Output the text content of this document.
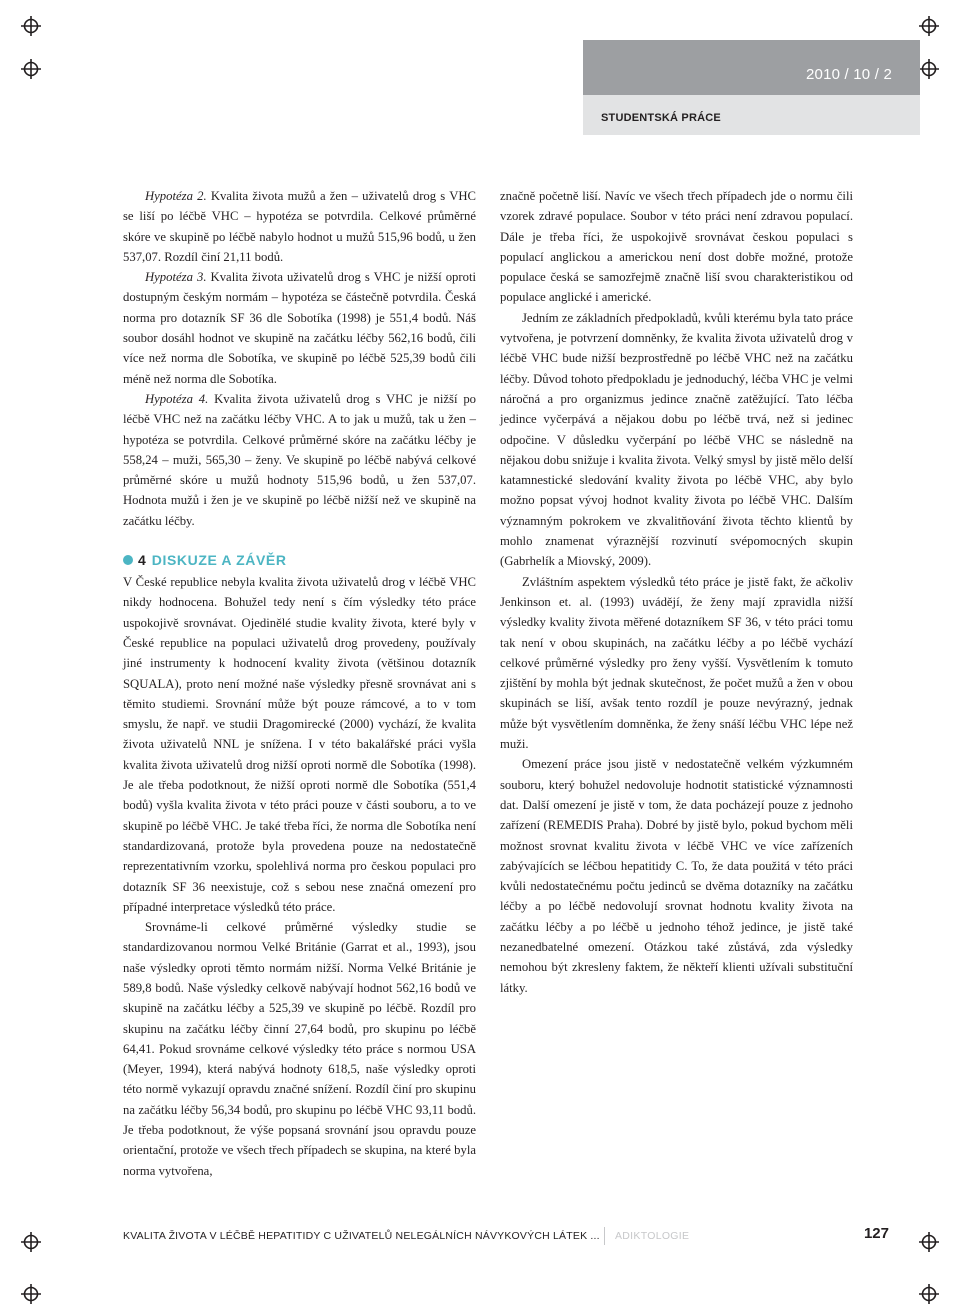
2010 / 10 / 2
STUDENTSKÁ PRÁCE

Hypotéza 2. Kvalita života mužů a žen – uživatelů drog s VHC se liší po léčbě VHC – hypotéza se potvrdila. Celkové průměrné skóre ve skupině po léčbě nabylo hodnot u mužů 515,96 bodů, u žen 537,07. Rozdíl činí 21,11 bodů.

Hypotéza 3. Kvalita života uživatelů drog s VHC je nižší oproti dostupným českým normám – hypotéza se částečně potvrdila. Česká norma pro dotazník SF 36 dle Sobotíka (1998) je 551,4 bodů. Náš soubor dosáhl hodnot ve skupině na začátku léčby 562,16 bodů, čili více než norma dle Sobotíka, ve skupině po léčbě 525,39 bodů čili méně než norma dle Sobotíka.

Hypotéza 4. Kvalita života uživatelů drog s VHC je nižší po léčbě VHC než na začátku léčby VHC. A to jak u mužů, tak u žen – hypotéza se potvrdila. Celkové průměrné skóre na začátku léčby je 558,24 – muži, 565,30 – ženy. Ve skupině po léčbě nabývá celkové průměrné skóre u mužů hodnoty 515,96 bodů, u žen 537,07. Hodnota mužů i žen je ve skupině po léčbě nižší než ve skupině na začátku léčby.

4 DISKUZE A ZÁVĚR

V České republice nebyla kvalita života uživatelů drog v léčbě VHC nikdy hodnocena. Bohužel tedy není s čím výsledky této práce uspokojivě srovnávat. Ojedinělé studie kvality života, které byly v České republice na populaci uživatelů drog provedeny, používaly jiné instrumenty k hodnocení kvality života (většinou dotazník SQUALA), proto není možné naše výsledky přesně srovnávat ani s těmito studiemi. Srovnání může být pouze rámcové, a to v tom smyslu, že např. ve studii Dragomirecké (2000) vychází, že kvalita života uživatelů NNL je snížena. I v této bakalářské práci vyšla kvalita života uživatelů drog nižší oproti normě dle Sobotíka (1998). Je ale třeba podotknout, že nižší oproti normě dle Sobotíka (551,4 bodů) vyšla kvalita života v této práci pouze v části souboru, a to ve skupině po léčbě VHC. Je také třeba říci, že norma dle Sobotíka není standardizovaná, protože byla provedena pouze na nedostatečně reprezentativním vzorku, spolehlivá norma pro českou populaci pro dotazník SF 36 neexistuje, což s sebou nese značná omezení pro případné interpretace výsledků této práce.

Srovnáme-li celkové průměrné výsledky studie se standardizovanou normou Velké Británie (Garrat et al., 1993), jsou naše výsledky oproti těmto normám nižší. Norma Velké Británie je 589,8 bodů. Naše výsledky celkově nabývají hodnot 562,16 bodů ve skupině na začátku léčby a 525,39 ve skupině po léčbě. Rozdíl pro skupinu na začátku léčby činní 27,64 bodů, pro skupinu po léčbě 64,41. Pokud srovnáme celkové výsledky této práce s normou USA (Meyer, 1994), která nabývá hodnoty 618,5, naše výsledky oproti této normě vykazují opravdu značné snížení. Rozdíl činí pro skupinu na začátku léčby 56,34 bodů, pro skupinu po léčbě VHC 93,11 bodů. Je třeba podotknout, že výše popsaná srovnání jsou opravdu pouze orientační, protože ve všech třech případech se skupina, na které byla norma vytvořena,

značně početně liší. Navíc ve všech třech případech jde o normu čili vzorek zdravé populace. Soubor v této práci není zdravou populací. Dále je třeba říci, že uspokojivě srovnávat českou populaci s populací anglickou a americkou není dost dobře možné, protože populace česká se samozřejmě značně liší svou charakteristikou od populace anglické i americké.

Jedním ze základních předpokladů, kvůli kterému byla tato práce vytvořena, je potvrzení domněnky, že kvalita života uživatelů drog v léčbě VHC bude nižší bezprostředně po léčbě VHC než na začátku léčby. Důvod tohoto předpokladu je jednoduchý, léčba VHC je velmi náročná a pro organizmus jedince značně zatěžující. Tato léčba jedince vyčerpává a nějakou dobu po léčbě trvá, než si jedinec odpočine. V důsledku vyčerpání po léčbě VHC se následně na nějakou dobu snižuje i kvalita života. Velký smysl by jistě mělo delší katamnestické sledování kvality života po léčbě VHC, aby bylo možno popsat vývoj hodnot kvality života po léčbě VHC. Dalším významným pokrokem ve zkvalitňování života těchto klientů by mohlo znamenat výraznější rozvinutí svépomocných skupin (Gabrhelík a Miovský, 2009).

Zvláštním aspektem výsledků této práce je jistě fakt, že ačkoliv Jenkinson et. al. (1993) uvádějí, že ženy mají zpravidla nižší výsledky kvality života měřené dotazníkem SF 36, v této práci tomu tak není v obou skupinách, na začátku léčby a po léčbě vychází celkové průměrné výsledky pro ženy vyšší. Vysvětlením k tomuto zjištění by mohla být jednak skutečnost, že počet mužů a žen v obou skupinách se liší, avšak tento rozdíl je pouze nevýrazný, jednak může být vysvětlením domněnka, že ženy snáší léčbu VHC lépe než muži.

Omezení práce jsou jistě v nedostatečně velkém výzkumném souboru, který bohužel nedovoluje hodnotit statistické významnosti dat. Další omezení je jistě v tom, že data pocházejí pouze z jednoho zařízení (REMEDIS Praha). Dobré by jistě bylo, pokud bychom měli možnost srovnat kvalitu života v léčbě VHC ve více zařízeních zabývajících se léčbou hepatitidy C. To, že data použitá v této práci kvůli nedostatečnému počtu jedinců se dvěma dotazníky na začátku léčby a po léčbě nedovolují srovnat hodnotu kvality života na začátku léčby a po léčbě u jednoho téhož jedince, je jistě také nezanedbatelné omezení. Otázkou také zůstává, zda výsledky nemohou být zkresleny faktem, že někteří klienti užívali substituční látky.

KVALITA ŽIVOTA V LÉČBĚ HEPATITIDY C UŽIVATELŮ NELEGÁLNÍCH NÁVYKOVÝCH LÁTEK ... ADIKTOLOGIE	127
